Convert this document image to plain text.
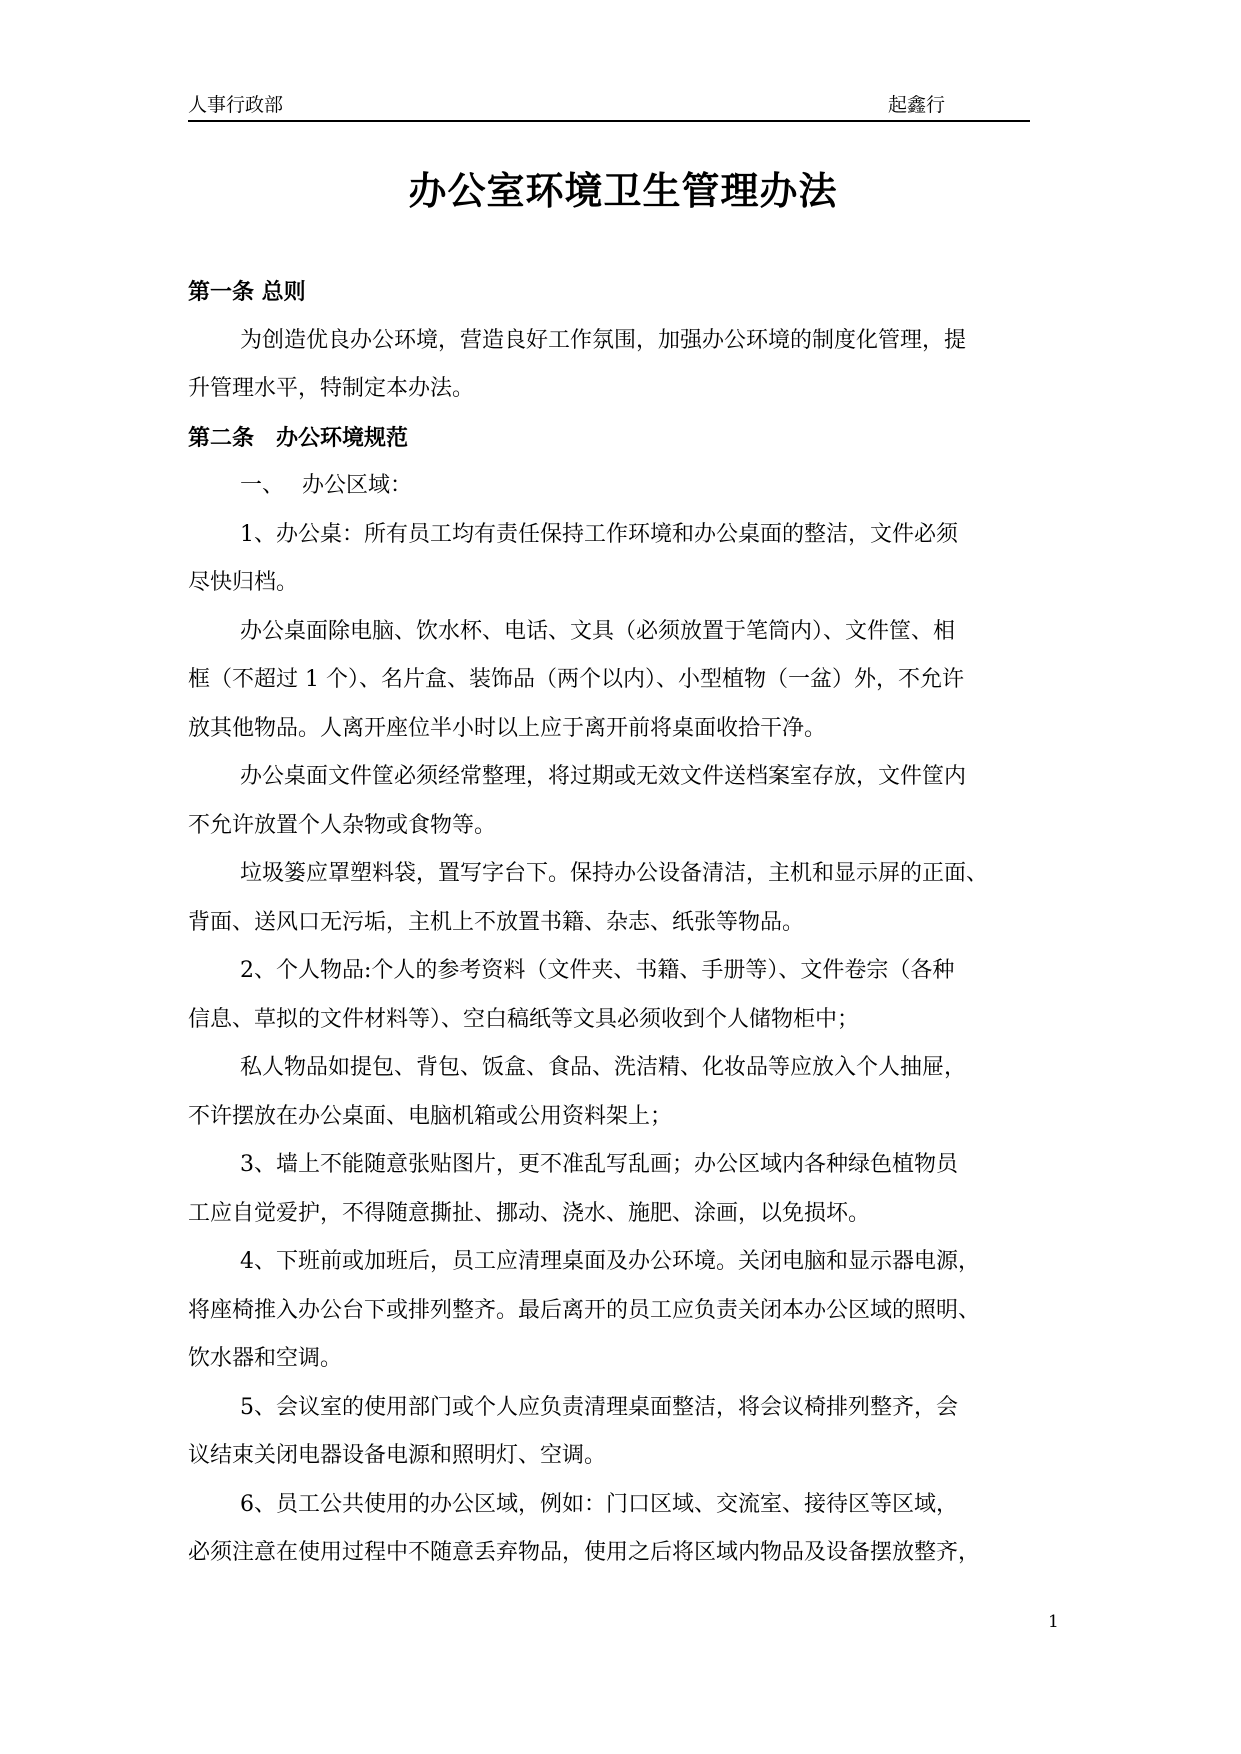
人事行政部	起鑫行
办公室环境卫生管理办法
第一条 总则
为创造优良办公环境，营造良好工作氛围，加强办公环境的制度化管理，提
升管理水平，特制定本办法。
第二条　办公环境规范
一、　 办公区域：
1、办公桌：所有员工均有责任保持工作环境和办公桌面的整洁，文件必须
尽快归档。
办公桌面除电脑、饮水杯、电话、文具（必须放置于笔筒内）、文件筐、相
框（不超过 1 个）、名片盒、装饰品（两个以内）、小型植物（一盆）外，不允许
放其他物品。人离开座位半小时以上应于离开前将桌面收拾干净。
办公桌面文件筐必须经常整理，将过期或无效文件送档案室存放，文件筐内
不允许放置个人杂物或食物等。
垃圾篓应罩塑料袋，置写字台下。保持办公设备清洁，主机和显示屏的正面、
背面、送风口无污垢，主机上不放置书籍、杂志、纸张等物品。
2、个人物品:个人的参考资料（文件夹、书籍、手册等）、文件卷宗（各种
信息、草拟的文件材料等）、空白稿纸等文具必须收到个人储物柜中；
私人物品如提包、背包、饭盒、食品、洗洁精、化妆品等应放入个人抽屉，
不许摆放在办公桌面、电脑机箱或公用资料架上；
3、墙上不能随意张贴图片，更不准乱写乱画；办公区域内各种绿色植物员
工应自觉爱护，不得随意撕扯、挪动、浇水、施肥、涂画，以免损坏。
4、下班前或加班后，员工应清理桌面及办公环境。关闭电脑和显示器电源，
将座椅推入办公台下或排列整齐。最后离开的员工应负责关闭本办公区域的照明、
饮水器和空调。
5、会议室的使用部门或个人应负责清理桌面整洁，将会议椅排列整齐，会
议结束关闭电器设备电源和照明灯、空调。
6、员工公共使用的办公区域，例如：门口区域、交流室、接待区等区域，
必须注意在使用过程中不随意丢弃物品，使用之后将区域内物品及设备摆放整齐，
1
